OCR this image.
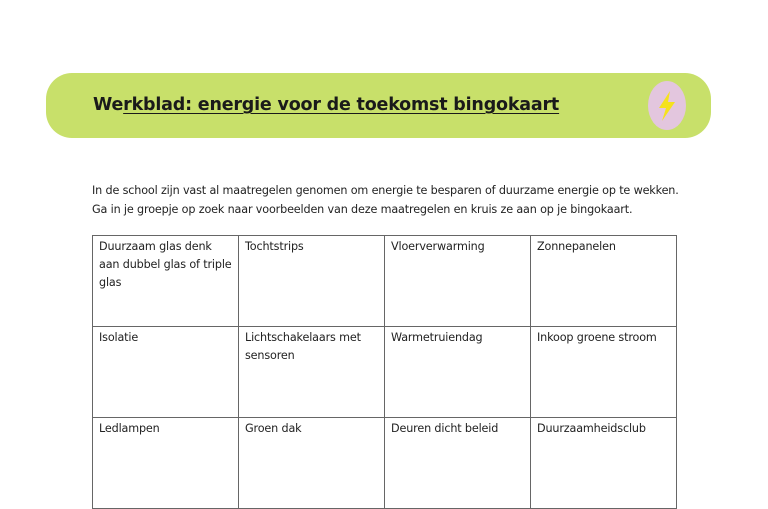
Werkblad: energie voor de toekomst bingokaart
In de school zijn vast al maatregelen genomen om energie te besparen of duurzame energie op te wekken. Ga in je groepje op zoek naar voorbeelden van deze maatregelen en kruis ze aan op je bingokaart.
Duurzaam glas denk aan dubbel glas of triple glas	Tochtstrips	Vloerverwarming	Zonnepanelen
Isolatie	Lichtschakelaars met sensoren	Warmetruiendag	Inkoop groene stroom
Ledlampen	Groen dak	Deuren dicht beleid	Duurzaamheidsclub
